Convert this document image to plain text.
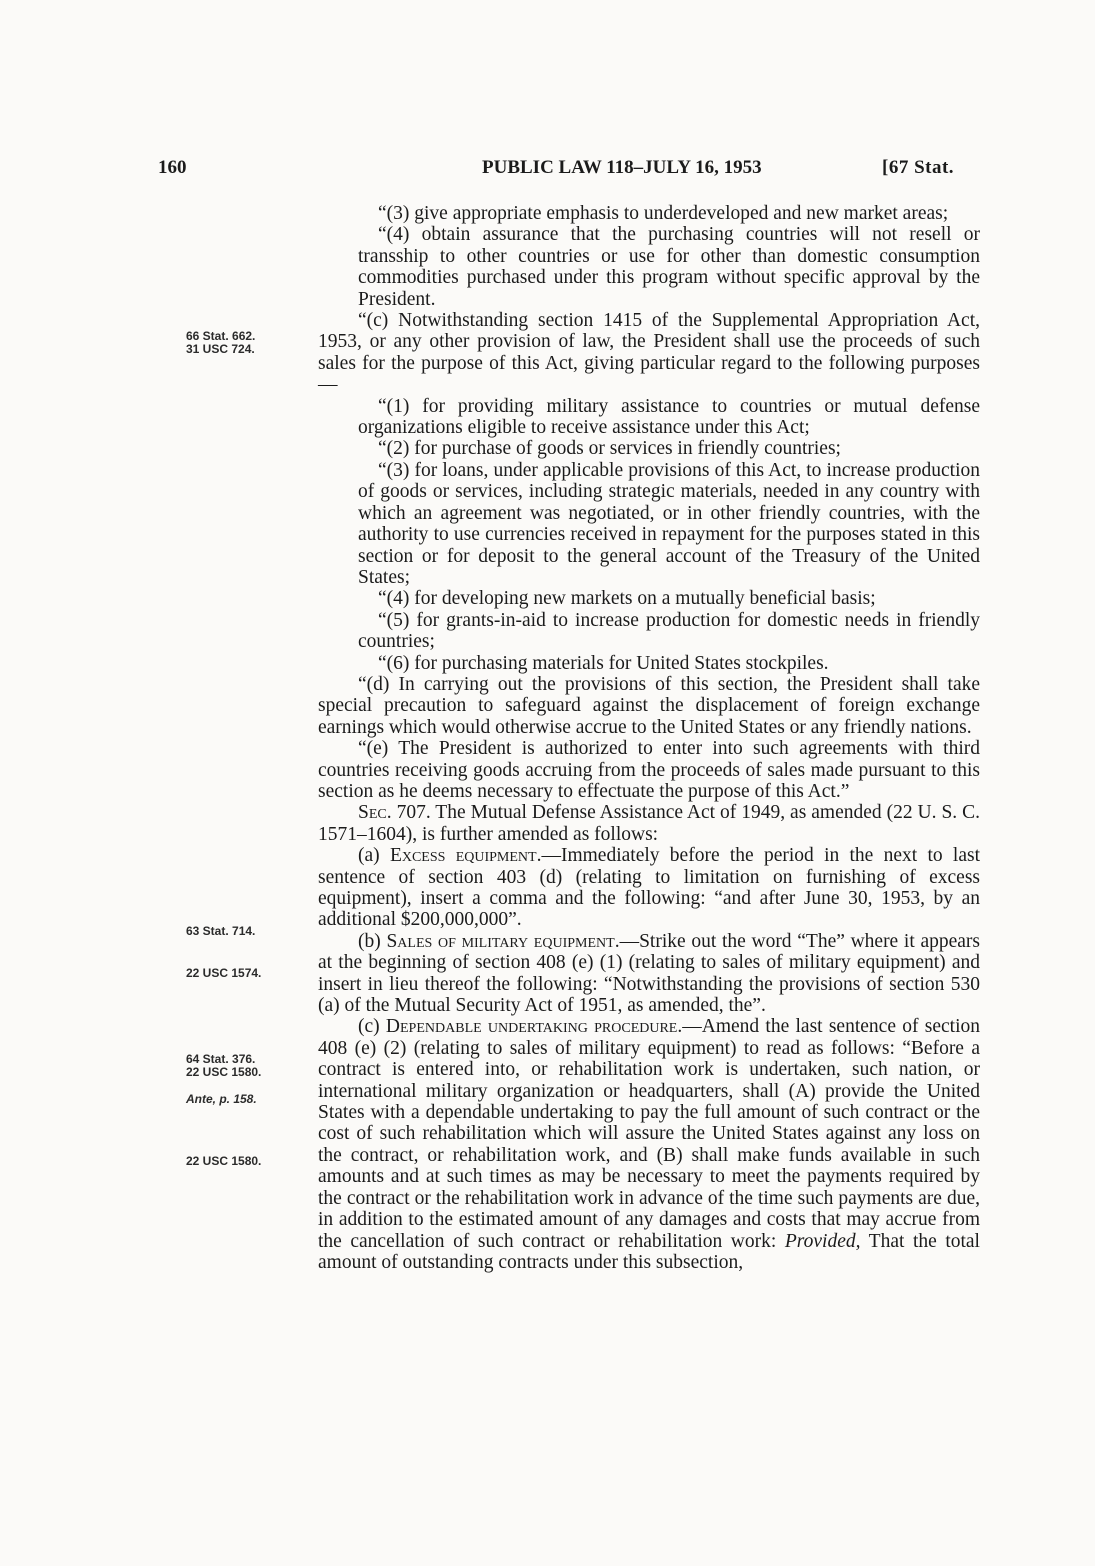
160	PUBLIC LAW 118–JULY 16, 1953	[67 Stat.
66 Stat. 662.
31 USC 724.
63 Stat. 714.
22 USC 1574.
64 Stat. 376.
22 USC 1580.
Ante, p. 158.
22 USC 1580.

“(3) give appropriate emphasis to underdeveloped and new market areas;

“(4) obtain assurance that the purchasing countries will not resell or transship to other countries or use for other than domestic consumption commodities purchased under this program without specific approval by the President.

“(c) Notwithstanding section 1415 of the Supplemental Appropriation Act, 1953, or any other provision of law, the President shall use the proceeds of such sales for the purpose of this Act, giving particular regard to the following purposes—

“(1) for providing military assistance to countries or mutual defense organizations eligible to receive assistance under this Act;

“(2) for purchase of goods or services in friendly countries;

“(3) for loans, under applicable provisions of this Act, to increase production of goods or services, including strategic materials, needed in any country with which an agreement was negotiated, or in other friendly countries, with the authority to use currencies received in repayment for the purposes stated in this section or for deposit to the general account of the Treasury of the United States;

“(4) for developing new markets on a mutually beneficial basis;

“(5) for grants-in-aid to increase production for domestic needs in friendly countries;

“(6) for purchasing materials for United States stockpiles.

“(d) In carrying out the provisions of this section, the President shall take special precaution to safeguard against the displacement of foreign exchange earnings which would otherwise accrue to the United States or any friendly nations.

“(e) The President is authorized to enter into such agreements with third countries receiving goods accruing from the proceeds of sales made pursuant to this section as he deems necessary to effectuate the purpose of this Act.”

Sec. 707. The Mutual Defense Assistance Act of 1949, as amended (22 U. S. C. 1571–1604), is further amended as follows:

(a) Excess equipment.—Immediately before the period in the next to last sentence of section 403 (d) (relating to limitation on furnishing of excess equipment), insert a comma and the following: “and after June 30, 1953, by an additional $200,000,000”.

(b) Sales of military equipment.—Strike out the word “The” where it appears at the beginning of section 408 (e) (1) (relating to sales of military equipment) and insert in lieu thereof the following: “Notwithstanding the provisions of section 530 (a) of the Mutual Security Act of 1951, as amended, the”.

(c) Dependable undertaking procedure.—Amend the last sentence of section 408 (e) (2) (relating to sales of military equipment) to read as follows: “Before a contract is entered into, or rehabilitation work is undertaken, such nation, or international military organization or headquarters, shall (A) provide the United States with a dependable undertaking to pay the full amount of such contract or the cost of such rehabilitation which will assure the United States against any loss on the contract, or rehabilitation work, and (B) shall make funds available in such amounts and at such times as may be necessary to meet the payments required by the contract or the rehabilitation work in advance of the time such payments are due, in addition to the estimated amount of any damages and costs that may accrue from the cancellation of such contract or rehabilitation work: Provided, That the total amount of outstanding contracts under this subsection,
